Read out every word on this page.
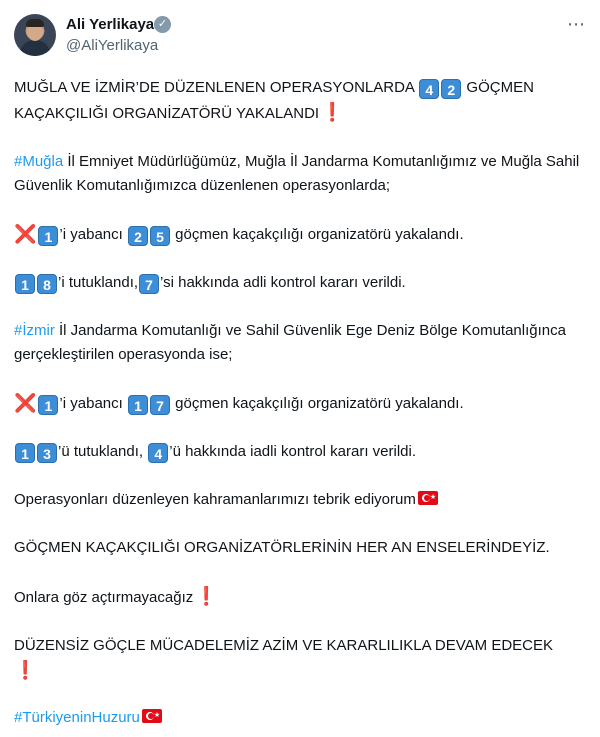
Ali Yerlikaya ✓
@AliYerlikaya
⋯

MUĞLA VE İZMİR’DE DÜZENLENEN OPERASYONLARDA 4 2 GÖÇMEN KAÇAKÇILIĞI ORGANİZATÖRÜ YAKALANDI ❗

#Muğla İl Emniyet Müdürlüğümüz, Muğla İl Jandarma Komutanlığımız ve Muğla Sahil Güvenlik Komutanlığımızca düzenlenen operasyonlarda;

❌ 1 ’i yabancı 2 5 göçmen kaçakçılığı organizatörü yakalandı.

1 8 ’i tutuklandı, 7 ’si hakkında adli kontrol kararı verildi.

#İzmir İl Jandarma Komutanlığı ve Sahil Güvenlik Ege Deniz Bölge Komutanlığınca gerçekleştirilen operasyonda ise;

❌ 1 ’i yabancı 1 7 göçmen kaçakçılığı organizatörü yakalandı.

1 3 ’ü tutuklandı, 4 ’ü hakkında iadli kontrol kararı verildi.

Operasyonları düzenleyen kahramanlarımızı tebrik ediyorum ★

GÖÇMEN KAÇAKÇILIĞI ORGANİZATÖRLERİNİN HER AN ENSELERİNDEYİZ.

Onlara göz açtırmayacağız ❗

DÜZENSİZ GÖÇLE MÜCADELEMİZ AZİM VE KARARLILIKLA DEVAM EDECEK
❗

#TürkiyeninHuzuru ★
